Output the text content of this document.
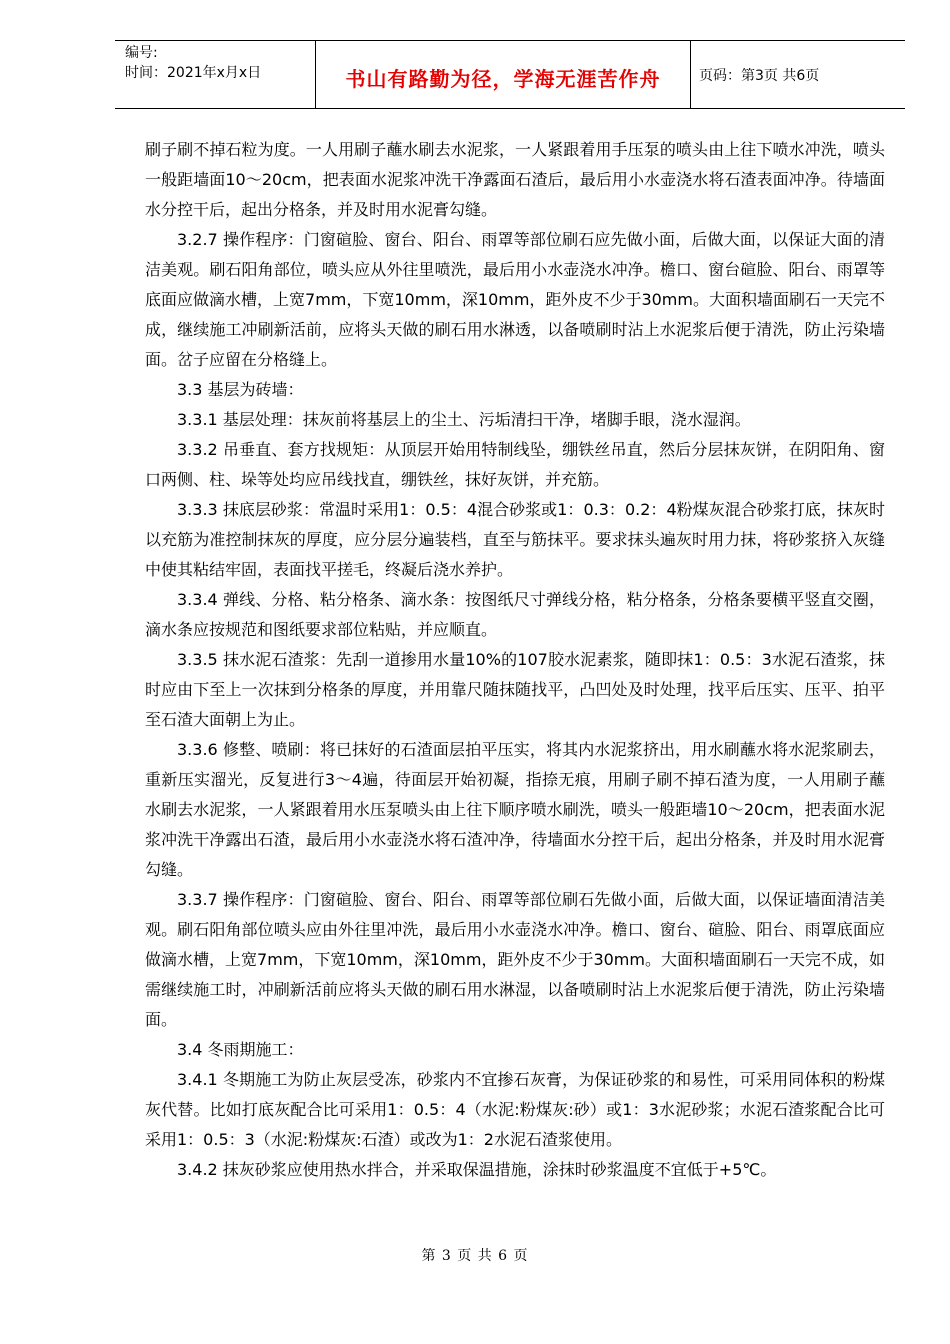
编号:
时间：2021年x月x日	书山有路勤为径，学海无涯苦作舟	页码：第3页 共6页

刷子刷不掉石粒为度。一人用刷子蘸水刷去水泥浆，一人紧跟着用手压泵的喷头由上往下喷水冲洗，喷头一般距墙面10～20cm，把表面水泥浆冲洗干净露面石渣后，最后用小水壶浇水将石渣表面冲净。待墙面水分控干后，起出分格条，并及时用水泥膏勾缝。

3.2.7 操作程序：门窗碹脸、窗台、阳台、雨罩等部位刷石应先做小面，后做大面，以保证大面的清洁美观。刷石阳角部位，喷头应从外往里喷洗，最后用小水壶浇水冲净。檐口、窗台碹脸、阳台、雨罩等底面应做滴水槽，上宽7mm，下宽10mm，深10mm，距外皮不少于30mm。大面积墙面刷石一天完不成，继续施工冲刷新活前，应将头天做的刷石用水淋透，以备喷刷时沾上水泥浆后便于清洗，防止污染墙面。岔子应留在分格缝上。

3.3 基层为砖墙：

3.3.1 基层处理：抹灰前将基层上的尘土、污垢清扫干净，堵脚手眼，浇水湿润。

3.3.2 吊垂直、套方找规矩：从顶层开始用特制线坠，绷铁丝吊直，然后分层抹灰饼，在阴阳角、窗口两侧、柱、垛等处均应吊线找直，绷铁丝，抹好灰饼，并充筋。

3.3.3 抹底层砂浆：常温时采用1：0.5：4混合砂浆或1：0.3：0.2：4粉煤灰混合砂浆打底，抹灰时以充筋为准控制抹灰的厚度，应分层分遍装档，直至与筋抹平。要求抹头遍灰时用力抹，将砂浆挤入灰缝中使其粘结牢固，表面找平搓毛，终凝后浇水养护。

3.3.4 弹线、分格、粘分格条、滴水条：按图纸尺寸弹线分格，粘分格条，分格条要横平竖直交圈，滴水条应按规范和图纸要求部位粘贴，并应顺直。

3.3.5 抹水泥石渣浆：先刮一道掺用水量10%的107胶水泥素浆，随即抹1：0.5：3水泥石渣浆，抹时应由下至上一次抹到分格条的厚度，并用靠尺随抹随找平，凸凹处及时处理，找平后压实、压平、拍平至石渣大面朝上为止。

3.3.6 修整、喷刷：将已抹好的石渣面层拍平压实，将其内水泥浆挤出，用水刷蘸水将水泥浆刷去，重新压实溜光，反复进行3～4遍，待面层开始初凝，指捺无痕，用刷子刷不掉石渣为度，一人用刷子蘸水刷去水泥浆，一人紧跟着用水压泵喷头由上往下顺序喷水刷洗，喷头一般距墙10～20cm，把表面水泥浆冲洗干净露出石渣，最后用小水壶浇水将石渣冲净，待墙面水分控干后，起出分格条，并及时用水泥膏勾缝。

3.3.7 操作程序：门窗碹脸、窗台、阳台、雨罩等部位刷石先做小面，后做大面，以保证墙面清洁美观。刷石阳角部位喷头应由外往里冲洗，最后用小水壶浇水冲净。檐口、窗台、碹脸、阳台、雨罩底面应做滴水槽，上宽7mm，下宽10mm，深10mm，距外皮不少于30mm。大面积墙面刷石一天完不成，如需继续施工时，冲刷新活前应将头天做的刷石用水淋湿，以备喷刷时沾上水泥浆后便于清洗，防止污染墙面。

3.4 冬雨期施工：

3.4.1 冬期施工为防止灰层受冻，砂浆内不宜掺石灰膏，为保证砂浆的和易性，可采用同体积的粉煤灰代替。比如打底灰配合比可采用1：0.5：4（水泥:粉煤灰:砂）或1：3水泥砂浆；水泥石渣浆配合比可采用1：0.5：3（水泥:粉煤灰:石渣）或改为1：2水泥石渣浆使用。

3.4.2 抹灰砂浆应使用热水拌合，并采取保温措施，涂抹时砂浆温度不宜低于+5℃。

第 3 页 共 6 页
